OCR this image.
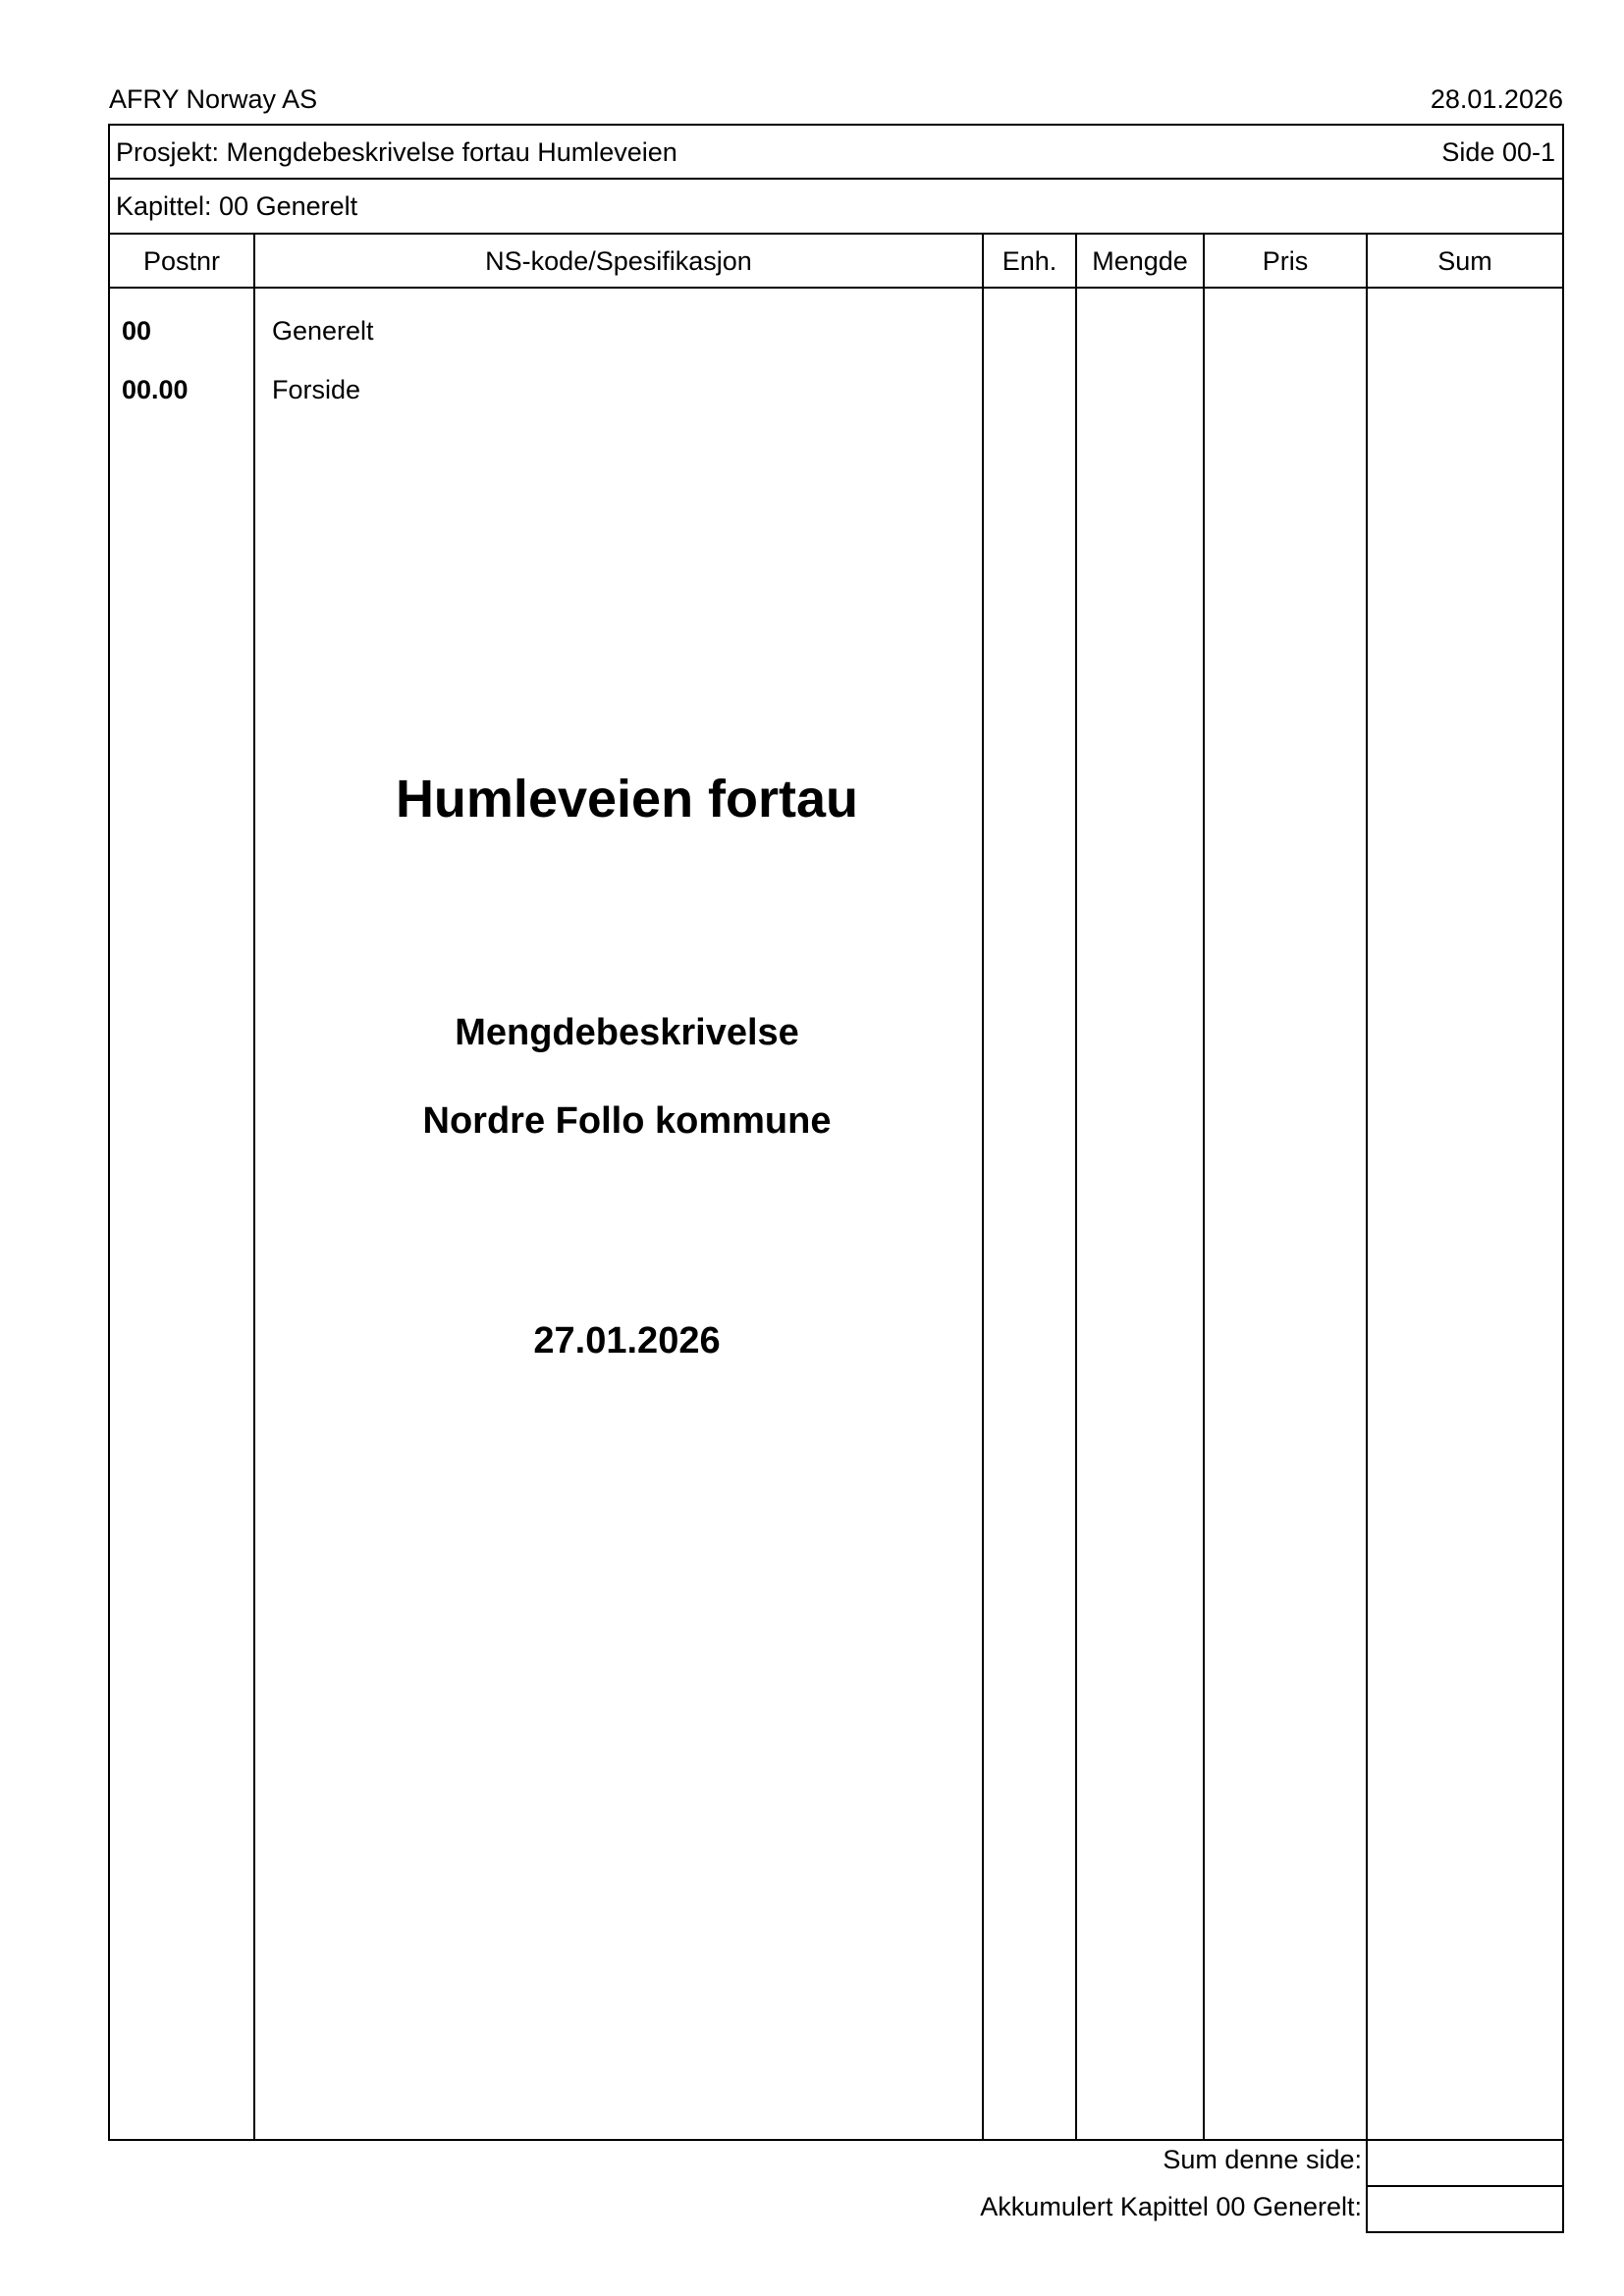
AFRY Norway AS	28.01.2026
Prosjekt: Mengdebeskrivelse fortau Humleveien	Side 00-1
Kapittel: 00 Generelt
Postnr	NS-kode/Spesifikasjon	Enh.	Mengde	Pris	Sum
00	Generelt
00.00	Forside
Humleveien fortau
Mengdebeskrivelse
Nordre Follo kommune
27.01.2026
Sum denne side:
Akkumulert Kapittel 00 Generelt:
